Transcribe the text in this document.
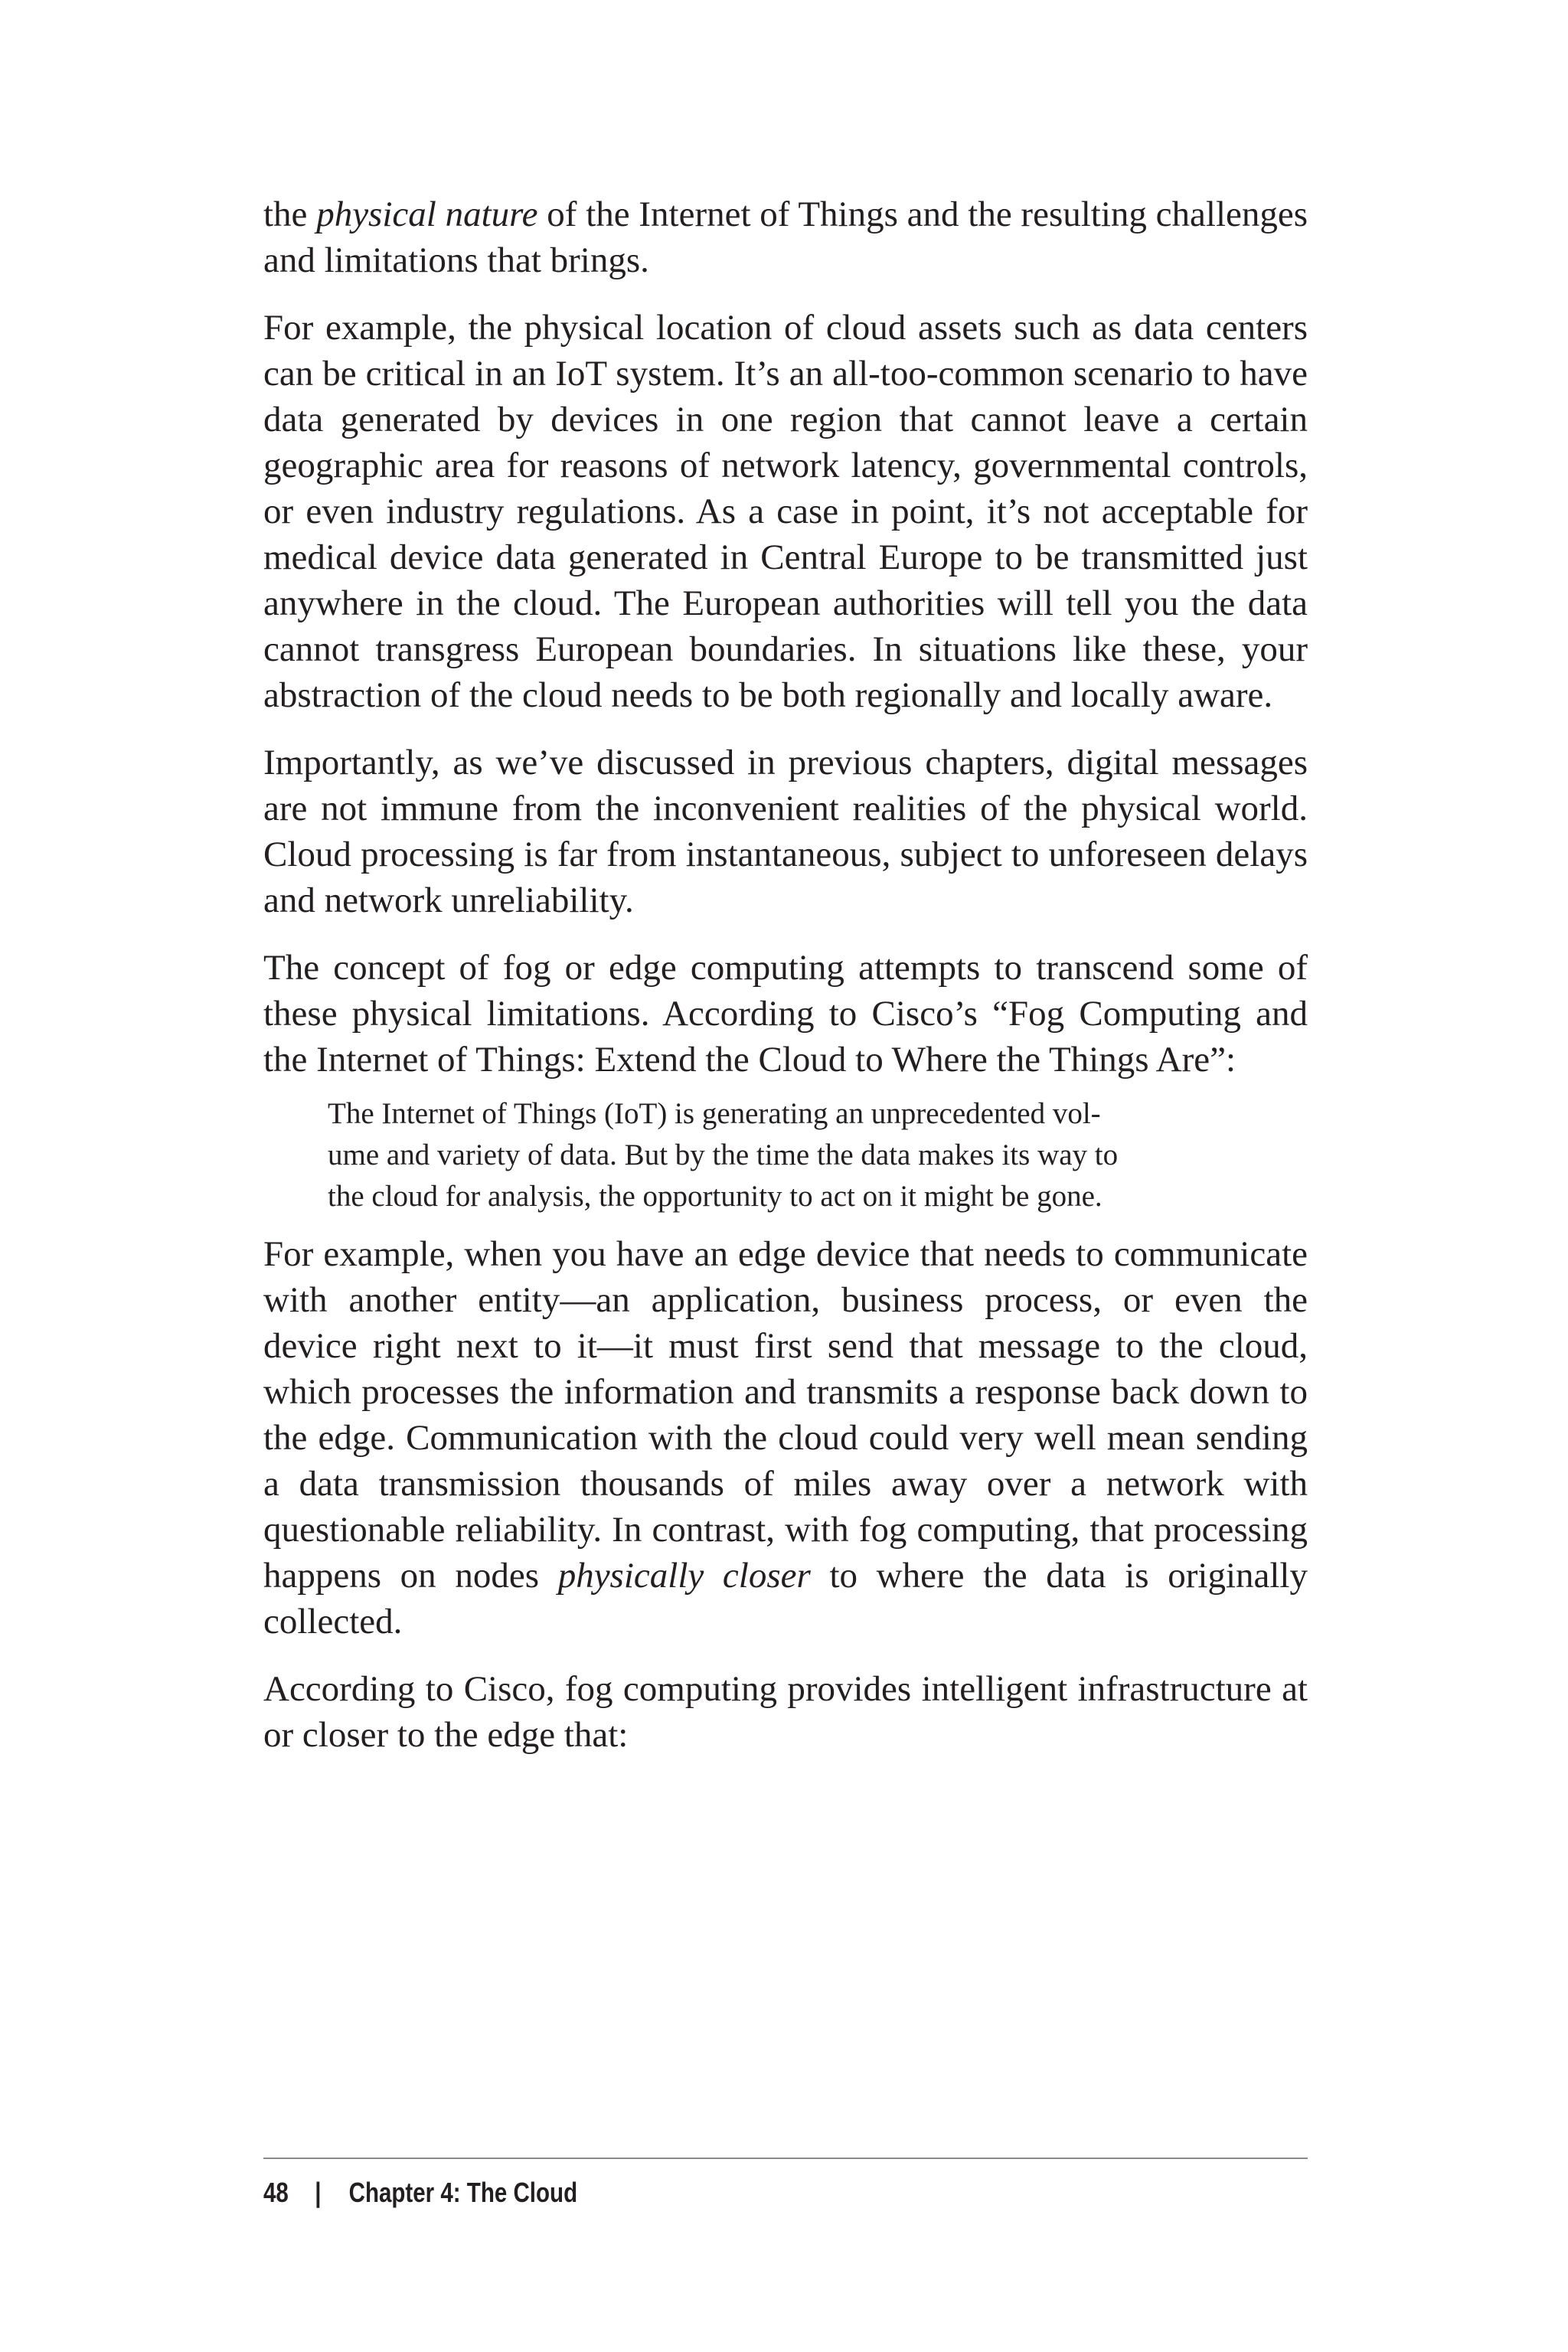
the physical nature of the Internet of Things and the resulting challenges and limitations that brings.

For example, the physical location of cloud assets such as data centers can be critical in an IoT system. It’s an all-too-common scenario to have data generated by devices in one region that cannot leave a certain geographic area for reasons of network latency, governmental controls, or even industry regulations. As a case in point, it’s not acceptable for medical device data generated in Central Europe to be transmitted just anywhere in the cloud. The European authorities will tell you the data cannot transgress European boundaries. In situations like these, your abstraction of the cloud needs to be both regionally and locally aware.

Importantly, as we’ve discussed in previous chapters, digital messages are not immune from the inconvenient realities of the physical world. Cloud processing is far from instantaneous, subject to unforeseen delays and network unreliability.

The concept of fog or edge computing attempts to transcend some of these physical limitations. According to Cisco’s “Fog Computing and the Internet of Things: Extend the Cloud to Where the Things Are”:

The Internet of Things (IoT) is generating an unprecedented vol-
ume and variety of data. But by the time the data makes its way to
the cloud for analysis, the opportunity to act on it might be gone.

For example, when you have an edge device that needs to communicate with another entity—an application, business process, or even the device right next to it—it must first send that message to the cloud, which processes the information and transmits a response back down to the edge. Communication with the cloud could very well mean sending a data transmission thousands of miles away over a network with questionable reliability. In contrast, with fog computing, that processing happens on nodes physically closer to where the data is originally collected.

According to Cisco, fog computing provides intelligent infrastructure at or closer to the edge that:

48 | Chapter 4: The Cloud
